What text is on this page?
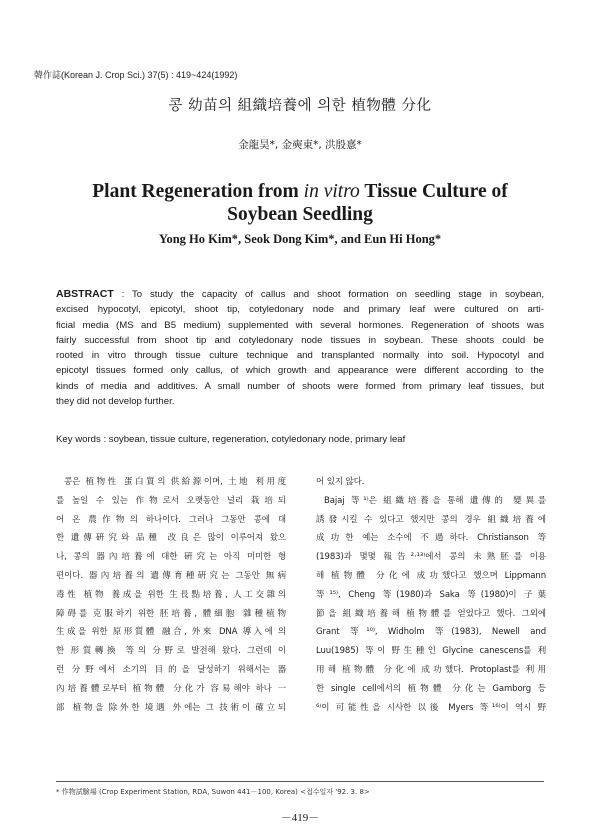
韓作誌(Korean J. Crop Sci.) 37(5) : 419~424(1992)
콩 幼苗의 組織培養에 의한 植物體 分化
金龍昊*, 金奭東*, 洪殷憙*
Plant Regeneration from in vitro Tissue Culture of
Soybean Seedling
Yong Ho Kim*, Seok Dong Kim*, and Eun Hi Hong*
ABSTRACT : To study the capacity of callus and shoot formation on seedling stage in soybean,
excised hypocotyl, epicotyl, shoot tip, cotyledonary node and primary leaf were cultured on arti-
ficial media (MS and B5 medium) supplemented with several hormones. Regeneration of shoots was
fairly successful from shoot tip and cotyledonary node tissues in soybean. These shoots could be
rooted in vitro through tissue culture technique and transplanted normally into soil. Hypocotyl and
epicotyl tissues formed only callus, of which growth and appearance were different according to the
kinds of media and additives. A small number of shoots were formed from primary leaf tissues, but
they did not develop further.
Key words : soybean, tissue culture, regeneration, cotyledonary node, primary leaf
콩은 植物性 蛋白質의 供給源이며, 土地 利用度
를 높일 수 있는 作物로서 오랫동안 널리 栽培되
어 온 農作物의 하나이다. 그러나 그동안 콩에 대
한 遺傳硏究와 品種 改良은 많이 이루어져 왔으
나, 콩의 器內培養에 대한 硏究는 아직 미미한 형
편이다. 器內培養의 遺傳育種硏究는 그동안 無病
毒性 植物 養成을 위한 生長點培養, 人工交雜의
障碍를 克服하기 위한 胚培養, 體細胞 雜種植物
生成을 위한 原形質體 融合, 外來 DNA 導入에 의
한 形質轉換 等의 分野로 발전해 왔다. 그런데 이
런 分野에서 소기의 目的을 달성하기 위해서는 器
內培養體로부터 植物體 分化가 容易해야 하나 一
部 植物을 除外한 境遇 外에는 그 技術이 確立되
어 있지 않다.
Bajaj 等¹⁾은 組織培養을 통해 遺傳的 變異를
誘發시킬 수 있다고 했지만 콩의 경우 組織培養에
成功한 예는 소수에 不過하다. Christianson 等
(1983)과 몇몇 報告²·¹³⁾에서 콩의 未熟胚를 이용
해 植物體 分化에 成功했다고 했으며 Lippmann
等¹⁵⁾, Cheng 等(1980)과 Saka 等(1980)이 子葉
節을 組織培養해 植物體를 얻었다고 했다. 그외에
Grant 等¹⁰⁾, Widholm 等(1983), Newell and
Luu(1985) 等이 野生種인 Glycine canescens를 利
用해 植物體 分化에 成功했다. Protoplast를 利用
한 single cell에서의 植物體 分化는 Gamborg 등
⁶⁾이 可能性을 시사한 以後 Myers 等¹⁶⁾이 역시 野
* 作物試驗場 (Crop Experiment Station, RDA, Suwon 441－100, Korea) <접수일자 '92. 3. 8>
－419－
